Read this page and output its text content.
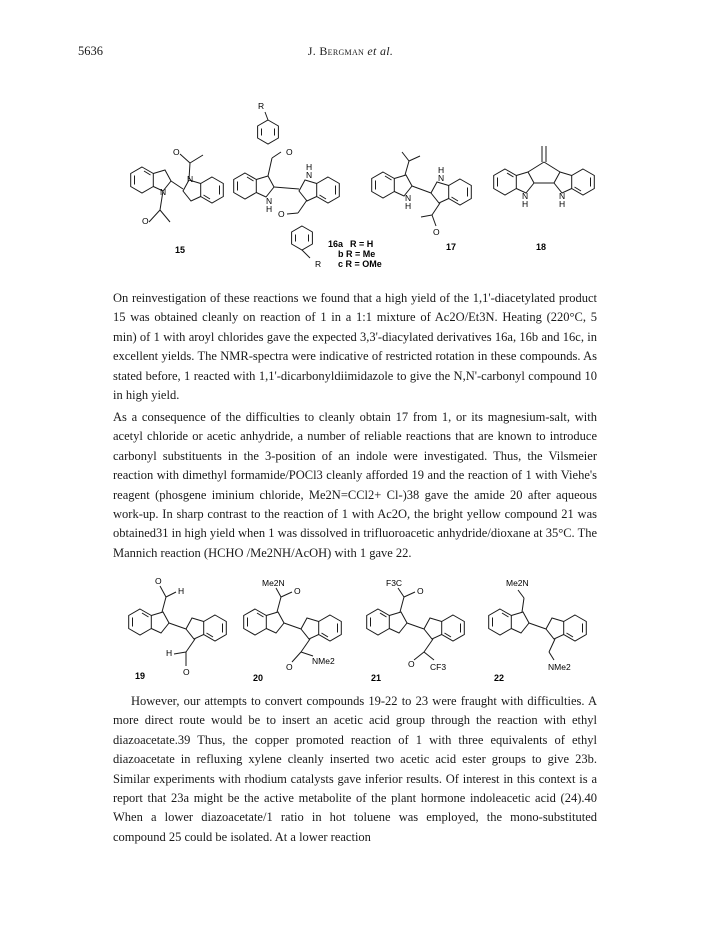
5636	J. Bergman et al.
N
N
O
O
15
R
O
O
N
H
H
N
R
16a R = H
b R = Me
c R = OMe
N
H
H
N
O
17
N
H
N
H
18

On reinvestigation of these reactions we found that a high yield of the 1,1'-diacetylated product 15 was obtained cleanly on reaction of 1 in a 1:1 mixture of Ac2O/Et3N. Heating (220°C, 5 min) of 1 with aroyl chlorides gave the expected 3,3'-diacylated derivatives 16a, 16b and 16c, in excellent yields. The NMR-spectra were indicative of restricted rotation in these compounds. As stated before, 1 reacted with 1,1'-dicarbonyldiimidazole to give the N,N'-carbonyl compound 10 in high yield.

As a consequence of the difficulties to cleanly obtain 17 from 1, or its magnesium-salt, with acetyl chloride or acetic anhydride, a number of reliable reactions that are known to introduce carbonyl substituents in the 3-position of an indole were investigated. Thus, the Vilsmeier reaction with dimethyl formamide/POCl3 cleanly afforded 19 and the reaction of 1 with Viehe's reagent (phosgene iminium chloride, Me2N=CCl2+ Cl-)38 gave the amide 20 after aqueous work-up. In sharp contrast to the reaction of 1 with Ac2O, the bright yellow compound 21 was obtained31 in high yield when 1 was dissolved in trifluoroacetic anhydride/dioxane at 35°C. The Mannich reaction (HCHO /Me2NH/AcOH) with 1 gave 22.

O
H
H
O
19
Me2N
O
O
NMe2
20
F3C
O
O CF3
21
Me2N
NMe2
22

However, our attempts to convert compounds 19-22 to 23 were fraught with difficulties. A more direct route would be to insert an acetic acid group through the reaction with ethyl diazoacetate.39 Thus, the copper promoted reaction of 1 with three equivalents of ethyl diazoacetate in refluxing xylene cleanly inserted two acetic acid ester groups to give 23b. Similar experiments with rhodium catalysts gave inferior results. Of interest in this context is a report that 23a might be the active metabolite of the plant hormone indoleacetic acid (24).40 When a lower diazoacetate/1 ratio in hot toluene was employed, the mono-substituted compound 25 could be isolated. At a lower reaction
